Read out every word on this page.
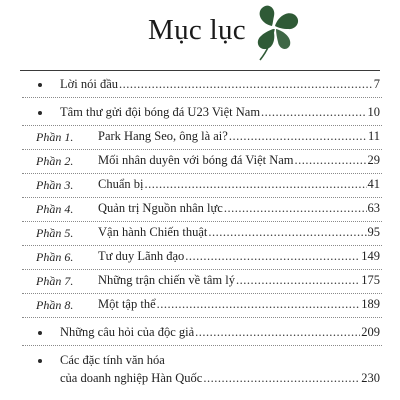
Mục lục
Lời nói đầu .....	7
Tâm thư gửi đội bóng đá U23 Việt Nam .....	10
Phần 1. Park Hang Seo, ông là ai? .....	11
Phần 2. Mối nhân duyên với bóng đá Việt Nam .....	29
Phần 3. Chuẩn bị .....	41
Phần 4. Quản trị Nguồn nhân lực .....	63
Phần 5. Vận hành Chiến thuật .....	95
Phần 6. Tư duy Lãnh đạo .....	149
Phần 7. Những trận chiến về tâm lý .....	175
Phần 8. Một tập thể .....	189
Những câu hỏi của độc giả .....	209
Các đặc tính văn hóa
của doanh nghiệp Hàn Quốc .....	230
